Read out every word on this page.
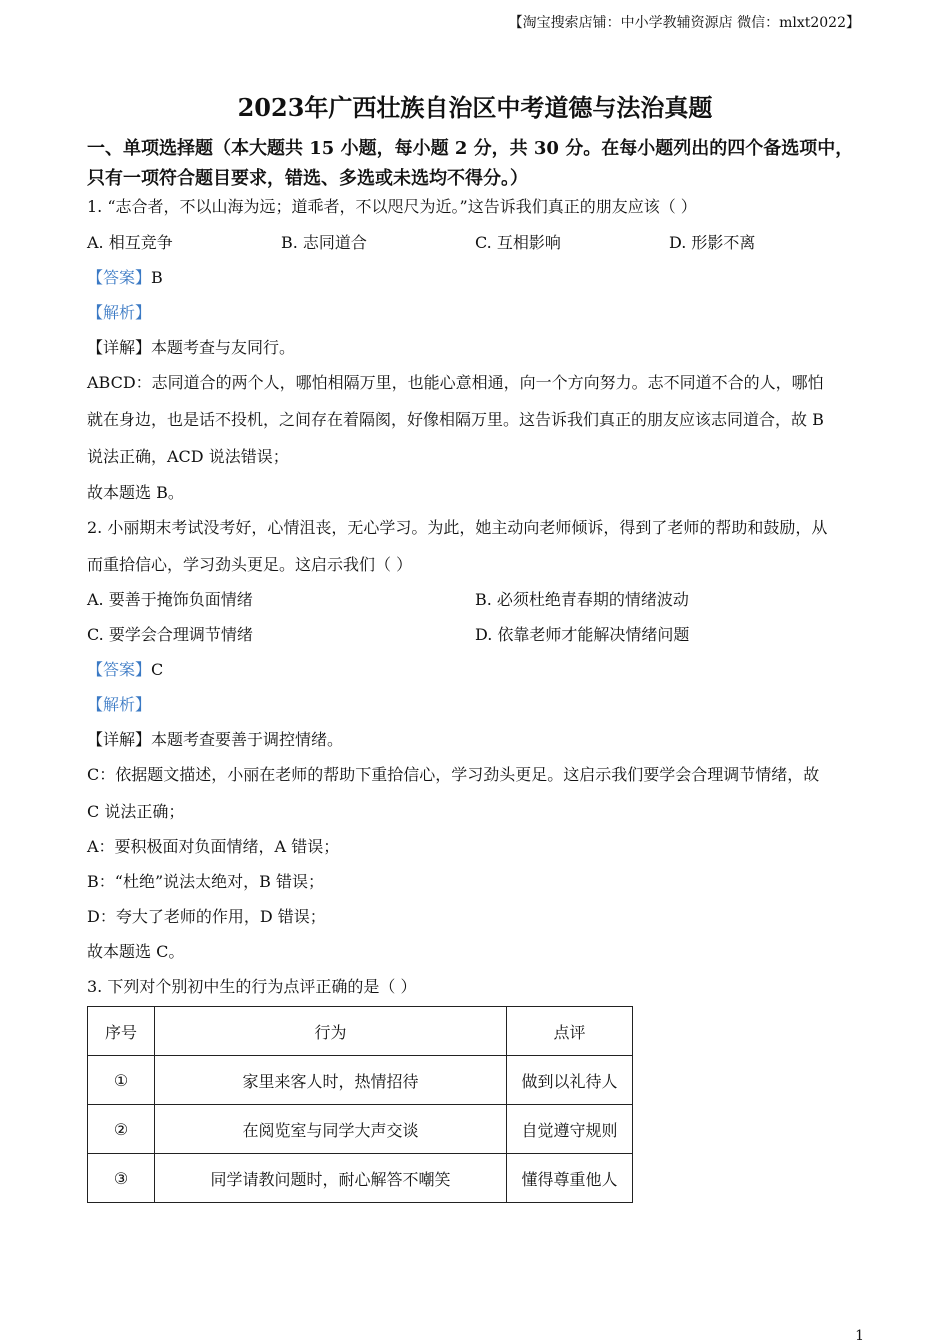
【淘宝搜索店铺：中小学教辅资源店 微信：mlxt2022】
2023年广西壮族自治区中考道德与法治真题
一、单项选择题（本大题共 15 小题，每小题 2 分，共 30 分。在每小题列出的四个备选项中，
只有一项符合题目要求，错选、多选或未选均不得分。）
1. “志合者，不以山海为远；道乖者，不以咫尺为近。”这告诉我们真正的朋友应该（ ）
A. 相互竞争	B. 志同道合	C. 互相影响	D. 形影不离
【答案】B
【解析】
【详解】本题考查与友同行。
ABCD：志同道合的两个人，哪怕相隔万里，也能心意相通，向一个方向努力。志不同道不合的人，哪怕
就在身边，也是话不投机，之间存在着隔阂，好像相隔万里。这告诉我们真正的朋友应该志同道合，故 B
说法正确，ACD 说法错误；
故本题选 B。
2. 小丽期末考试没考好，心情沮丧，无心学习。为此，她主动向老师倾诉，得到了老师的帮助和鼓励，从
而重拾信心，学习劲头更足。这启示我们（ ）
A. 要善于掩饰负面情绪	B. 必须杜绝青春期的情绪波动
C. 要学会合理调节情绪	D. 依靠老师才能解决情绪问题
【答案】C
【解析】
【详解】本题考查要善于调控情绪。
C：依据题文描述，小丽在老师的帮助下重拾信心，学习劲头更足。这启示我们要学会合理调节情绪，故
C 说法正确；
A：要积极面对负面情绪，A 错误；
B：“杜绝”说法太绝对，B 错误；
D：夸大了老师的作用，D 错误；
故本题选 C。
3. 下列对个别初中生的行为点评正确的是（ ）
序号	行为	点评
①	家里来客人时，热情招待	做到以礼待人
②	在阅览室与同学大声交谈	自觉遵守规则
③	同学请教问题时，耐心解答不嘲笑	懂得尊重他人
1
